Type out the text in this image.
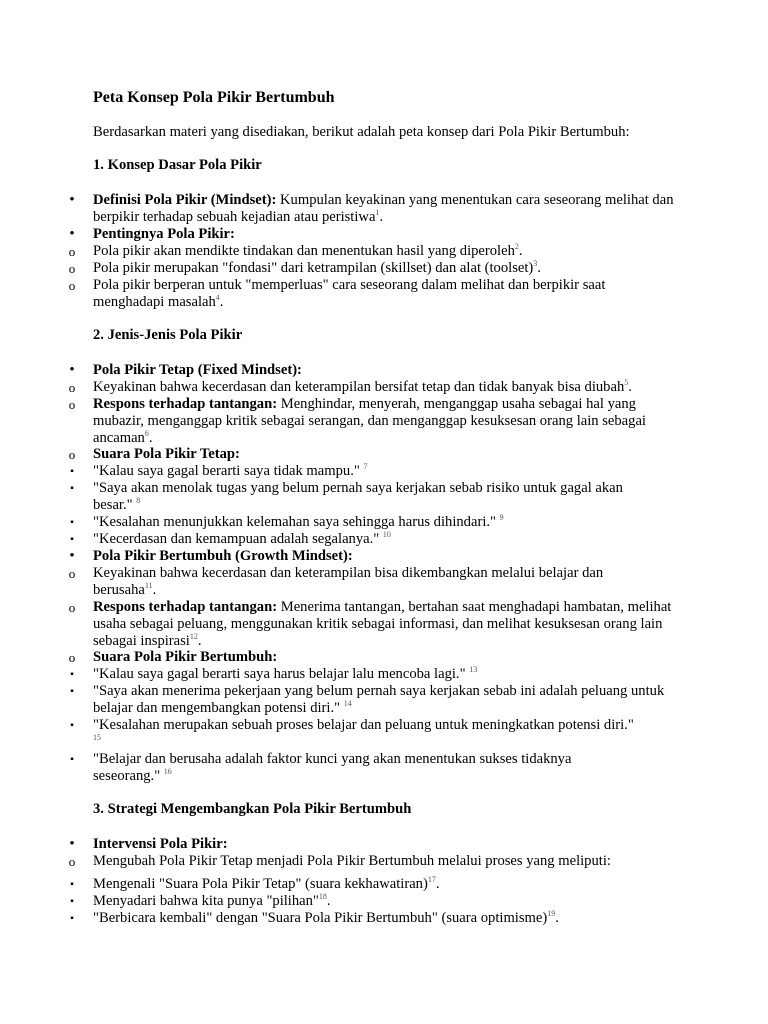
Peta Konsep Pola Pikir Bertumbuh
Berdasarkan materi yang disediakan, berikut adalah peta konsep dari Pola Pikir Bertumbuh:
1. Konsep Dasar Pola Pikir
2. Jenis-Jenis Pola Pikir
3. Strategi Mengembangkan Pola Pikir Bertumbuh
•	Definisi Pola Pikir (Mindset): Kumpulan keyakinan yang menentukan cara seseorang melihat dan berpikir terhadap sebuah kejadian atau peristiwa$^1$.
•	Pentingnya Pola Pikir:
o	Pola pikir akan mendikte tindakan dan menentukan hasil yang diperoleh$^2$.
o	Pola pikir merupakan "fondasi" dari ketrampilan (skillset) dan alat (toolset)$^3$.
o	Pola pikir berperan untuk "memperluas" cara seseorang dalam melihat dan berpikir saat menghadapi masalah$^4$.
•	Pola Pikir Tetap (Fixed Mindset):
o	Keyakinan bahwa kecerdasan dan keterampilan bersifat tetap dan tidak banyak bisa diubah$^5$.
o	Respons terhadap tantangan: Menghindar, menyerah, menganggap usaha sebagai hal yang mubazir, menganggap kritik sebagai serangan, dan menganggap kesuksesan orang lain sebagai ancaman$^6$.
o	Suara Pola Pikir Tetap:
▪	"Kalau saya gagal berarti saya tidak mampu." $^7$
▪	"Saya akan menolak tugas yang belum pernah saya kerjakan sebab risiko untuk gagal akan besar." $^8$
▪	"Kesalahan menunjukkan kelemahan saya sehingga harus dihindari." $^9$
▪	"Kecerdasan dan kemampuan adalah segalanya." $^{10}$
•	Pola Pikir Bertumbuh (Growth Mindset):
o	Keyakinan bahwa kecerdasan dan keterampilan bisa dikembangkan melalui belajar dan berusaha$^{11}$.
o	Respons terhadap tantangan: Menerima tantangan, bertahan saat menghadapi hambatan, melihat usaha sebagai peluang, menggunakan kritik sebagai informasi, dan melihat kesuksesan orang lain sebagai inspirasi$^{12}$.
o	Suara Pola Pikir Bertumbuh:
▪	"Kalau saya gagal berarti saya harus belajar lalu mencoba lagi." $^{13}$
▪	"Saya akan menerima pekerjaan yang belum pernah saya kerjakan sebab ini adalah peluang untuk belajar dan mengembangkan potensi diri." $^{14}$
▪	"Kesalahan merupakan sebuah proses belajar dan peluang untuk meningkatkan potensi diri."
$^{15}$
▪	"Belajar dan berusaha adalah faktor kunci yang akan menentukan sukses tidaknya seseorang." $^{16}$
•	Intervensi Pola Pikir:
o	Mengubah Pola Pikir Tetap menjadi Pola Pikir Bertumbuh melalui proses yang meliputi:
▪	Mengenali "Suara Pola Pikir Tetap" (suara kekhawatiran)$^{17}$.
▪	Menyadari bahwa kita punya "pilihan"$^{18}$.
▪	"Berbicara kembali" dengan "Suara Pola Pikir Bertumbuh" (suara optimisme)$^{19}$.
